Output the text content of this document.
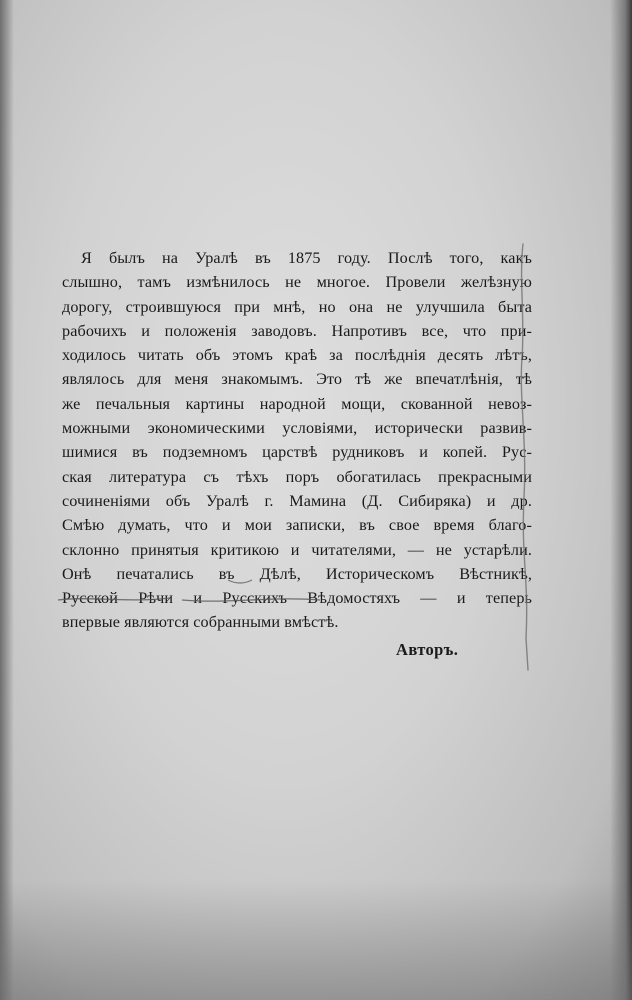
Я былъ на Уралѣ въ 1875 году. Послѣ того, какъ
слышно, тамъ измѣнилось не многое. Провели желѣзную
дорогу, строившуюся при мнѣ, но она не улучшила быта
рабочихъ и положенія заводовъ. Напротивъ все, что при-
ходилось читать объ этомъ краѣ за послѣднія десять лѣтъ,
являлось для меня знакомымъ. Это тѣ же впечатлѣнія, тѣ
же печальныя картины народной мощи, скованной невоз-
можными экономическими условіями, исторически развив-
шимися въ подземномъ царствѣ рудниковъ и копей. Рус-
ская литература съ тѣхъ поръ обогатилась прекрасными
сочиненіями объ Уралѣ г. Мамина (Д. Сибиряка) и др.
Смѣю думать, что и мои записки, въ свое время благо-
склонно принятыя критикою и читателями, — не устарѣли.
Онѣ печатались въ Дѣлѣ, Историческомъ Вѣстникѣ,
Русской Рѣчи и Русскихъ Вѣдомостяхъ — и теперь
впервые являются собранными вмѣстѣ.
Авторъ.
